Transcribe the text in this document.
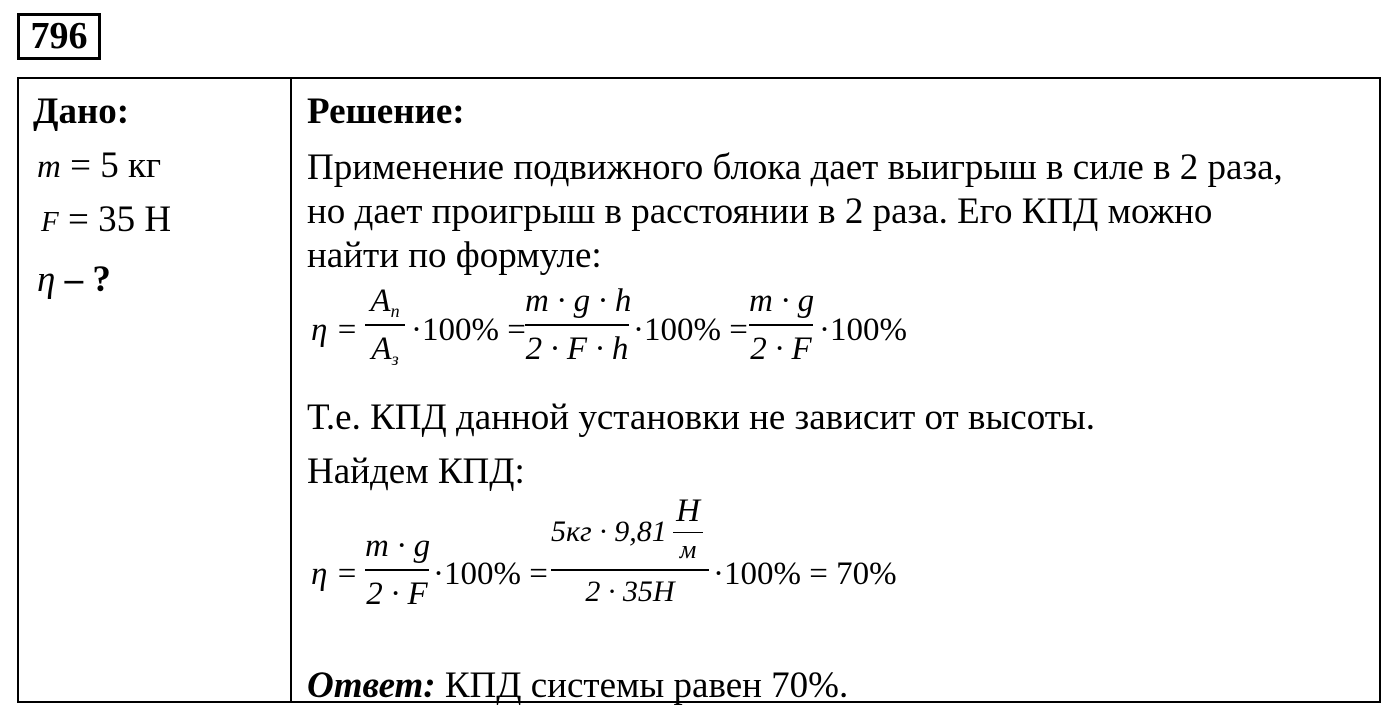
796
Дано:
m = 5 кг
F = 35 Н
η – ?
Решение:
Применение подвижного блока дает выигрыш в силе в 2 раза,
но дает проигрыш в расстоянии в 2 раза. Его КПД можно
найти по формуле:
η =
$A_п$
$A_з$
·100% =
m · g · h
2 · F · h
·100% =
m · g
2 · F
·100%
Т.е. КПД данной установки не зависит от высоты.
Найдем КПД:
η =
m · g
2 · F
·100% =
5кг · 9,81
Н
м
2 · 35Н	·100% = 70%
Ответ: КПД системы равен 70%.
